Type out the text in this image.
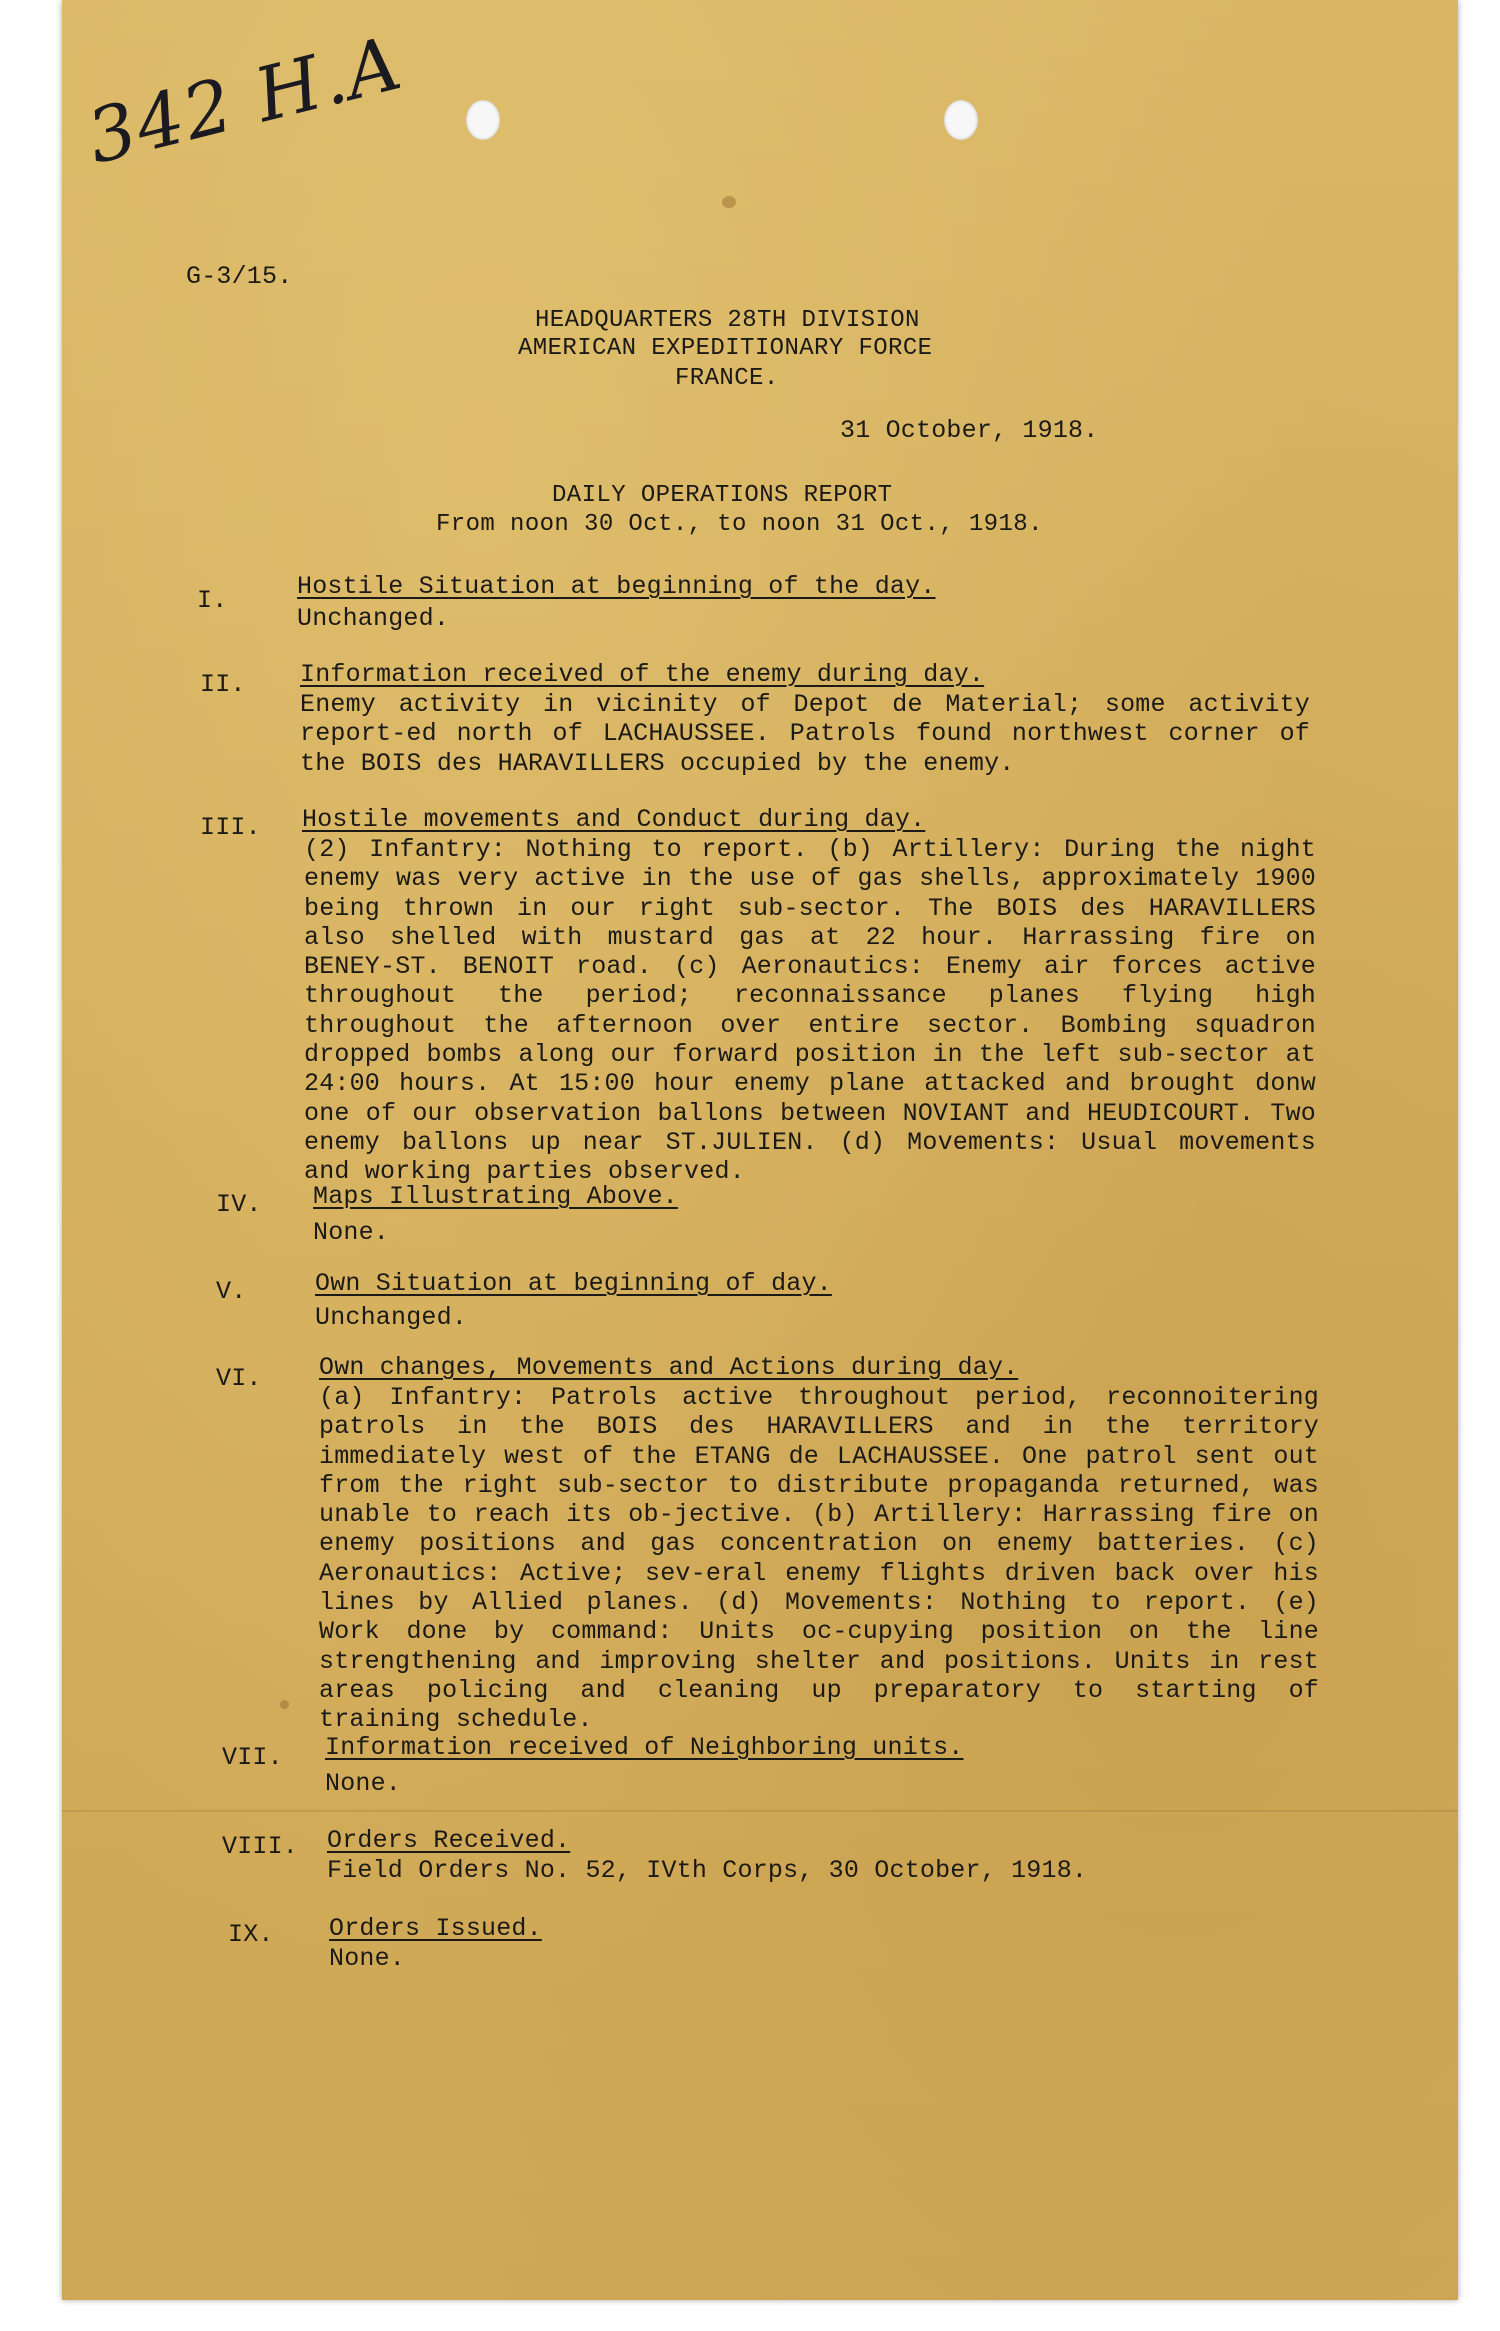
342 H.A
G-3/15.
HEADQUARTERS 28TH DIVISION
AMERICAN EXPEDITIONARY FORCE
FRANCE.
31 October, 1918.
DAILY OPERATIONS REPORT
From noon 30 Oct., to noon 31 Oct., 1918.
I.	Hostile Situation at beginning of the day.
Unchanged.
II. Information received of the enemy during day.
Enemy activity in vicinity of Depot de Material; some activity report-ed north of LACHAUSSEE. Patrols found northwest corner of the BOIS des HARAVILLERS occupied by the enemy.
III. Hostile movements and Conduct during day.
(2) Infantry: Nothing to report. (b) Artillery: During the night enemy was very active in the use of gas shells, approximately 1900 being thrown in our right sub-sector. The BOIS des HARAVILLERS also shelled with mustard gas at 22 hour. Harrassing fire on BENEY-ST. BENOIT road. (c) Aeronautics: Enemy air forces active throughout the period; reconnaissance planes flying high throughout the afternoon over entire sector. Bombing squadron dropped bombs along our forward position in the left sub-sector at 24:00 hours. At 15:00 hour enemy plane attacked and brought donw one of our observation ballons between NOVIANT and HEUDICOURT. Two enemy ballons up near ST.JULIEN. (d) Movements: Usual movements and working parties observed.
IV. Maps Illustrating Above.
None.
V.	Own Situation at beginning of day.
Unchanged.
VI. Own changes, Movements and Actions during day.
(a) Infantry: Patrols active throughout period, reconnoitering patrols in the BOIS des HARAVILLERS and in the territory immediately west of the ETANG de LACHAUSSEE. One patrol sent out from the right sub-sector to distribute propaganda returned, was unable to reach its ob-jective. (b) Artillery: Harrassing fire on enemy positions and gas concentration on enemy batteries. (c) Aeronautics: Active; sev-eral enemy flights driven back over his lines by Allied planes. (d) Movements: Nothing to report. (e) Work done by command: Units oc-cupying position on the line strengthening and improving shelter and positions. Units in rest areas policing and cleaning up preparatory to starting of training schedule.
VII. Information received of Neighboring units.
None.
VIII. Orders Received.
Field Orders No. 52, IVth Corps, 30 October, 1918.
IX. Orders Issued.
None.
